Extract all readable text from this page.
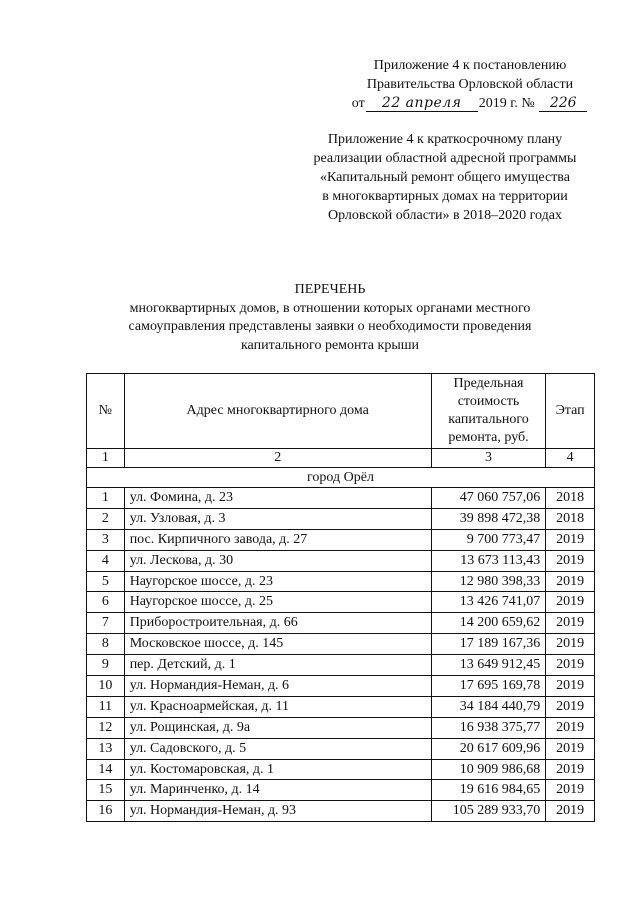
Приложение 4 к постановлению
Правительства Орловской области
от 22 апреля 2019 г. № 226
Приложение 4 к краткосрочному плану
реализации областной адресной программы
«Капитальный ремонт общего имущества
в многоквартирных домах на территории
Орловской области» в 2018–2020 годах
ПЕРЕЧЕНЬ
многоквартирных домов, в отношении которых органами местного
самоуправления представлены заявки о необходимости проведения
капитального ремонта крыши
№	Адрес многоквартирного дома	Предельная
стоимость
капитального
ремонта, руб.	Этап
1	2	3	4
город Орёл			
1	ул. Фомина, д. 23	47 060 757,06	2018
2	ул. Узловая, д. 3	39 898 472,38	2018
3	пос. Кирпичного завода, д. 27	9 700 773,47	2019
4	ул. Лескова, д. 30	13 673 113,43	2019
5	Наугорское шоссе, д. 23	12 980 398,33	2019
6	Наугорское шоссе, д. 25	13 426 741,07	2019
7	Приборостроительная, д. 66	14 200 659,62	2019
8	Московское шоссе, д. 145	17 189 167,36	2019
9	пер. Детский, д. 1	13 649 912,45	2019
10	ул. Нормандия-Неман, д. 6	17 695 169,78	2019
11	ул. Красноармейская, д. 11	34 184 440,79	2019
12	ул. Рощинская, д. 9а	16 938 375,77	2019
13	ул. Садовского, д. 5	20 617 609,96	2019
14	ул. Костомаровская, д. 1	10 909 986,68	2019
15	ул. Маринченко, д. 14	19 616 984,65	2019
16	ул. Нормандия-Неман, д. 93	105 289 933,70	2019
